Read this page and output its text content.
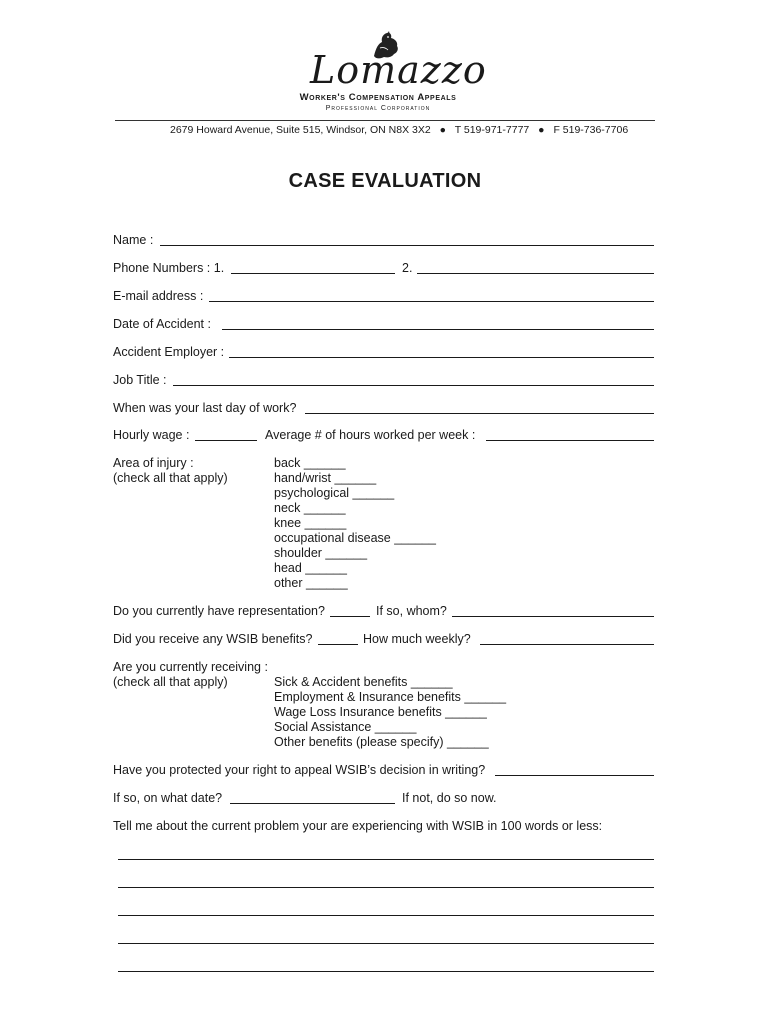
Lomazzo
Worker's Compensation Appeals
Professional Corporation
2679 Howard Avenue, Suite 515, Windsor, ON N8X 3X2 ● T 519-971-7777 ● F 519-736-7706
CASE EVALUATION
Name :
Phone Numbers : 1.	2.
E-mail address :
Date of Accident :
Accident Employer :
Job Title :
When was your last day of work?
Hourly wage :	Average # of hours worked per week :
Area of injury :
(check all that apply)
back ______
hand/wrist ______
psychological ______
neck ______
knee ______
occupational disease ______
shoulder ______
head ______
other ______
Do you currently have representation?	If so, whom?
Did you receive any WSIB benefits?	How much weekly?
Are you currently receiving :
(check all that apply)	Sick & Accident benefits ______
Employment & Insurance benefits ______
Wage Loss Insurance benefits ______
Social Assistance ______
Other benefits (please specify) ______
Have you protected your right to appeal WSIB’s decision in writing?
If so, on what date?	If not, do so now.
Tell me about the current problem your are experiencing with WSIB in 100 words or less:
